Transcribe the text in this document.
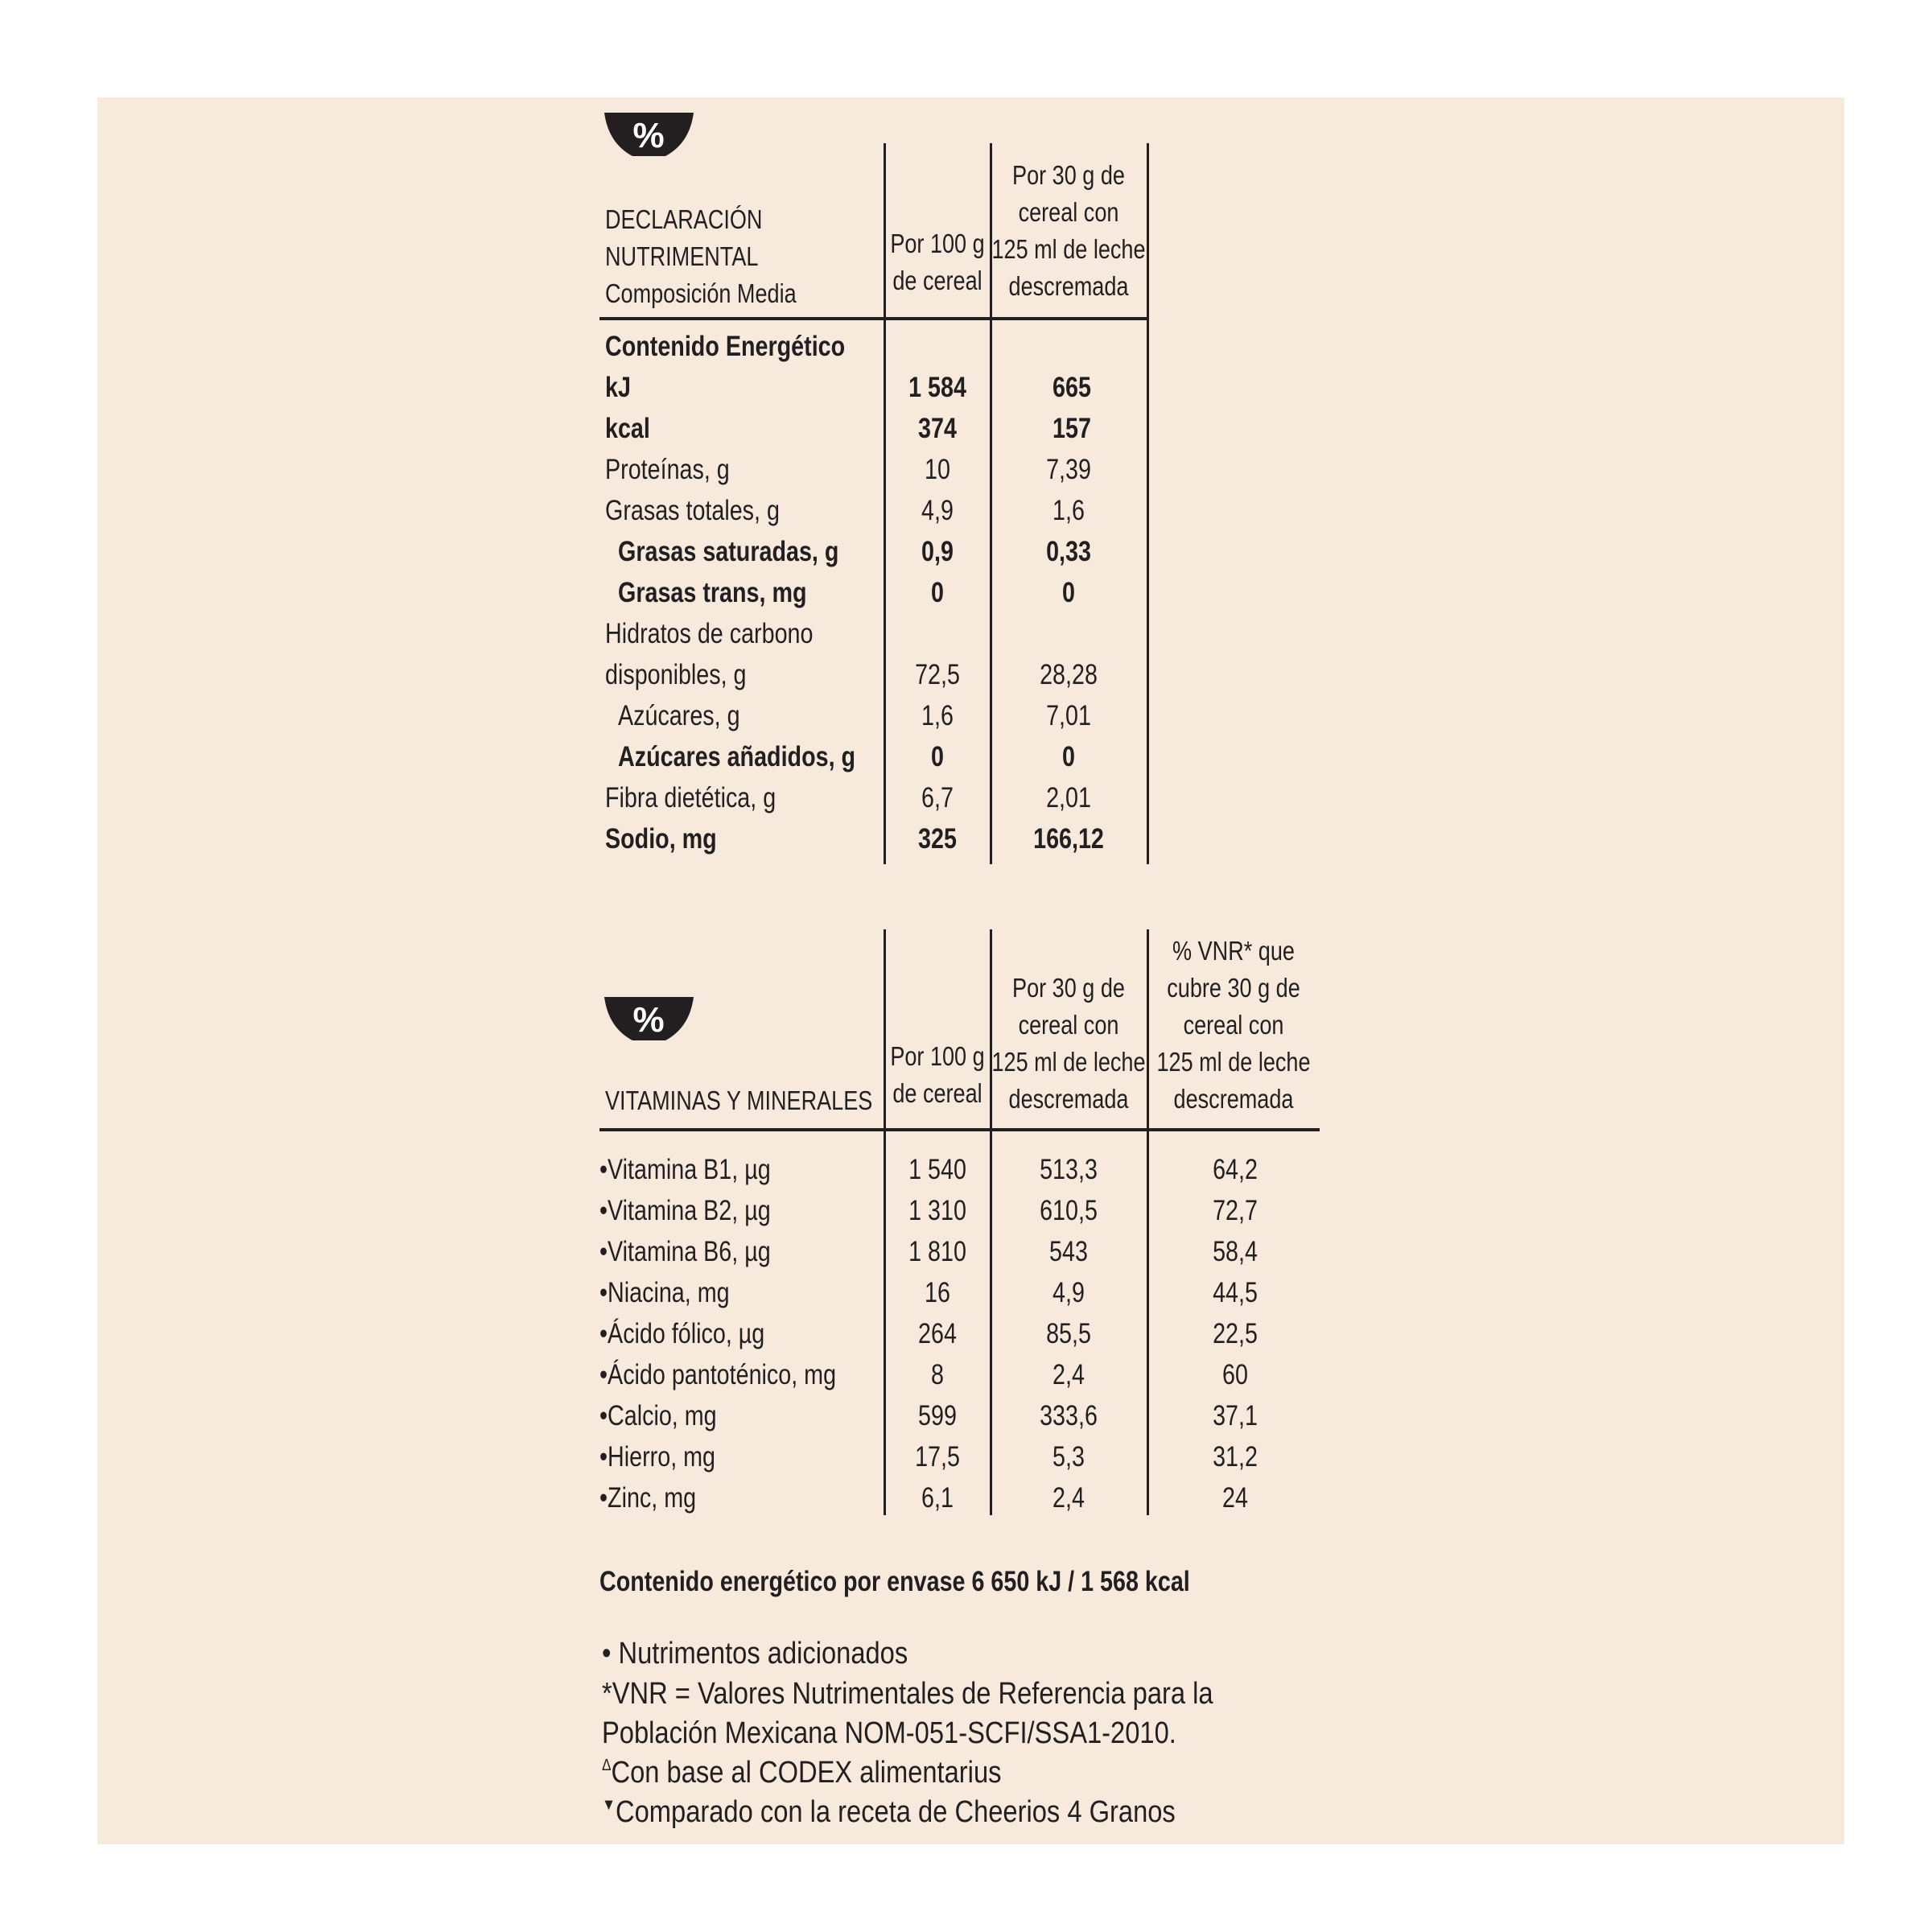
%
DECLARACIÓN
NUTRIMENTAL
Composición Media
Por 100 g
de cereal
Por 30 g de
cereal con
125 ml de leche
descremada
Contenido Energético
kJ	1 584	665
kcal	374	157
Proteínas, g	10	7,39
Grasas totales, g	4,9	1,6
Grasas saturadas, g	0,9	0,33
Grasas trans, mg	0	0
Hidratos de carbono
disponibles, g	72,5	28,28
Azúcares, g	1,6	7,01
Azúcares añadidos, g	0	0
Fibra dietética, g	6,7	2,01
Sodio, mg	325	166,12
%
VITAMINAS Y MINERALES
Por 100 g
de cereal
Por 30 g de
cereal con
125 ml de leche
descremada
% VNR* que
cubre 30 g de
cereal con
125 ml de leche
descremada
•Vitamina B1, µg	1 540	513,3	64,2
•Vitamina B2, µg	1 310	610,5	72,7
•Vitamina B6, µg	1 810	543	58,4
•Niacina, mg	16	4,9	44,5
•Ácido fólico, µg	264	85,5	22,5
•Ácido pantoténico, mg	8	2,4	60
•Calcio, mg	599	333,6	37,1
•Hierro, mg	17,5	5,3	31,2
•Zinc, mg	6,1	2,4	24
Contenido energético por envase 6 650 kJ / 1 568 kcal
• Nutrimentos adicionados
*VNR = Valores Nutrimentales de Referencia para la
Población Mexicana NOM-051-SCFI/SSA1-2010.
$^\Delta$Con base al CODEX alimentarius
▼Comparado con la receta de Cheerios 4 Granos
